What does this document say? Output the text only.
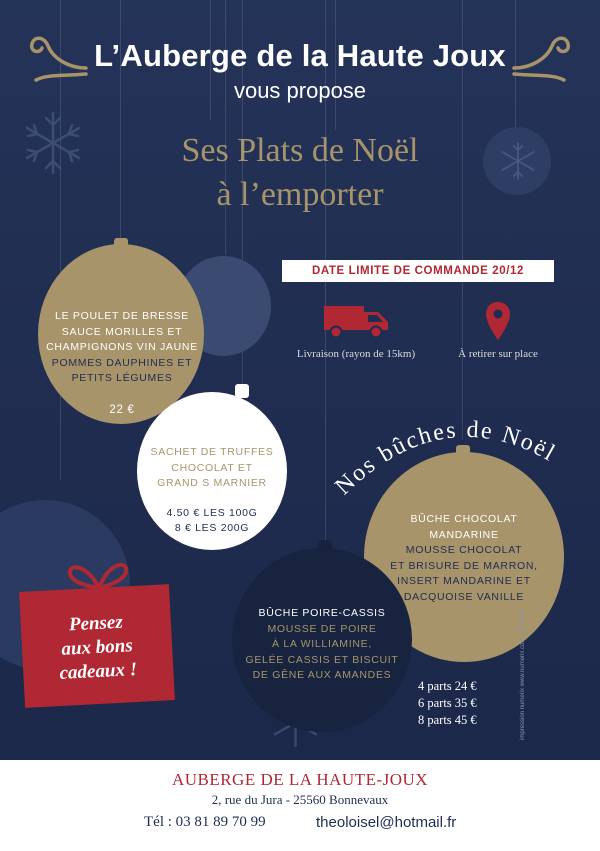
L’Auberge de la Haute Joux
vous propose
Ses Plats de Noël
à l’emporter
DATE LIMITE DE COMMANDE 20/12
Livraison (rayon de 15km)	À retirer sur place
LE POULET DE BRESSE
SAUCE MORILLES ET
CHAMPIGNONS VIN JAUNE
POMMES DAUPHINES ET
PETITS LÉGUMES
22 €
SACHET DE TRUFFES
CHOCOLAT ET
GRAND S MARNIER
4.50 € LES 100G
8 € LES 200G
Nos bûches de Noël
BÛCHE CHOCOLAT
MANDARINE
MOUSSE CHOCOLAT
ET BRISURE DE MARRON,
INSERT MANDARINE ET
DACQUOISE VANILLE
BÛCHE POIRE-CASSIS
MOUSSE DE POIRE
À LA WILLIAMINE,
GELÉE CASSIS ET BISCUIT
DE GÊNE AUX AMANDES
4 parts 24 €
6 parts 35 €
8 parts 45 €
Pensez
aux bons
cadeaux !	impression numerix www.numerix.com - 25 Pierre
AUBERGE DE LA HAUTE-JOUX
2, rue du Jura - 25560 Bonnevaux
Tél : 03 81 89 70 99	theoloisel@hotmail.fr
